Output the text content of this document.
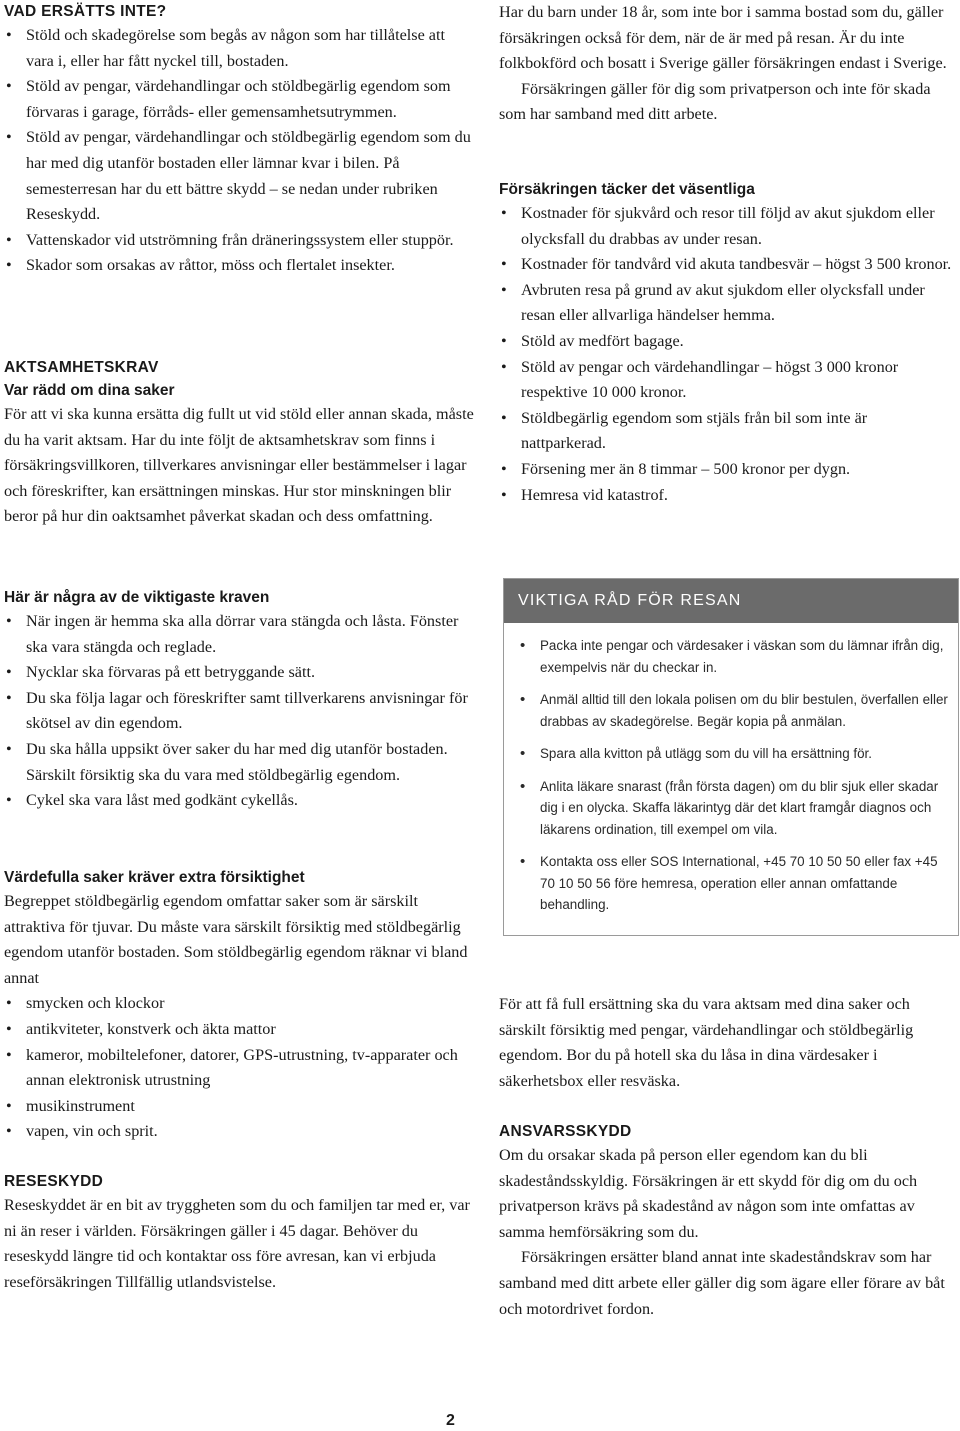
VAD ERSÄTTS INTE?
• Stöld och skadegörelse som begås av någon som har tillåtelse att vara i, eller har fått nyckel till, bostaden.
• Stöld av pengar, värdehandlingar och stöldbegärlig egendom som förvaras i garage, förråds- eller gemensamhetsutrymmen.
• Stöld av pengar, värdehandlingar och stöldbegärlig egendom som du har med dig utanför bostaden eller lämnar kvar i bilen. På semesterresan har du ett bättre skydd – se nedan under rubriken Reseskydd.
• Vattenskador vid utströmning från dräneringssystem eller stupрör.
• Skador som orsakas av råttor, möss och flertalet insekter.
AKTSAMHETSKRAV
Var rädd om dina saker

För att vi ska kunna ersätta dig fullt ut vid stöld eller annan skada, måste du ha varit aktsam. Har du inte följt de aktsamhetskrav som finns i försäkringsvillkoren, tillverkares anvisningar eller bestämmelser i lagar och föreskrifter, kan ersättningen minskas. Hur stor minskningen blir beror på hur din oaktsamhet påverkat skadan och dess omfattning.

Här är några av de viktigaste kraven
• När ingen är hemma ska alla dörrar vara stängda och låsta. Fönster ska vara stängda och reglade.
• Nycklar ska förvaras på ett betryggande sätt.
• Du ska följa lagar och föreskrifter samt tillverkarens anvisningar för skötsel av din egendom.
• Du ska hålla uppsikt över saker du har med dig utanför bostaden. Särskilt försiktig ska du vara med stöldbegärlig egendom.
• Cykel ska vara låst med godkänt cykellås.
Värdefulla saker kräver extra försiktighet

Begreppet stöldbegärlig egendom omfattar saker som är särskilt attraktiva för tjuvar. Du måste vara särskilt försiktig med stöldbegärlig egendom utanför bostaden. Som stöldbegärlig egendom räknar vi bland annat

• smycken och klockor
• antikviteter, konstverk och äkta mattor
• kameror, mobiltelefoner, datorer, GPS-utrustning, tv-apparater och annan elektronisk utrustning
• musikinstrument
• vapen, vin och sprit.
RESESKYDD

Reseskyddet är en bit av tryggheten som du och familjen tar med er, var ni än reser i världen. Försäkringen gäller i 45 dagar. Behöver du reseskydd längre tid och kontaktar oss före avresan, kan vi erbjuda reseförsäkringen Tillfällig utlandsvistelse.

Har du barn under 18 år, som inte bor i samma bostad som du, gäller försäkringen också för dem, när de är med på resan. Är du inte folkbokförd och bosatt i Sverige gäller försäkringen endast i Sverige.

Försäkringen gäller för dig som privatperson och inte för skada som har samband med ditt arbete.

Försäkringen täcker det väsentliga
• Kostnader för sjukvård och resor till följd av akut sjukdom eller olycksfall du drabbas av under resan.
• Kostnader för tandvård vid akuta tandbesvär – högst 3 500 kronor.
• Avbruten resa på grund av akut sjukdom eller olycksfall under resan eller allvarliga händelser hemma.
• Stöld av medfört bagage.
• Stöld av pengar och värdehandlingar – högst 3 000 kronor respektive 10 000 kronor.
• Stöldbegärlig egendom som stjäls från bil som inte är nattparkerad.
• Försening mer än 8 timmar – 500 kronor per dygn.
• Hemresa vid katastrof.
VIKTIGA RÅD FÖR RESAN
• Packa inte pengar och värdesaker i väskan som du lämnar ifrån dig, exempelvis när du checkar in.
• Anmäl alltid till den lokala polisen om du blir bestulen, överfallen eller drabbas av skadegörelse. Begär kopia på anmälan.
• Spara alla kvitton på utlägg som du vill ha ersättning för.
• Anlita läkare snarast (från första dagen) om du blir sjuk eller skadar dig i en olycka. Skaffa läkarintyg där det klart framgår diagnos och läkarens ordination, till exempel om vila.
• Kontakta oss eller SOS International, +45 70 10 50 50 eller fax +45 70 10 50 56 före hemresa, operation eller annan omfattande behandling.

För att få full ersättning ska du vara aktsam med dina saker och särskilt försiktig med pengar, värdehandlingar och stöldbegärlig egendom. Bor du på hotell ska du låsa in dina värdesaker i säkerhetsbox eller resväska.

ANSVARSSKYDD

Om du orsakar skada på person eller egendom kan du bli skadeståndsskyldig. Försäkringen är ett skydd för dig om du och privatperson krävs på skadestånd av någon som inte omfattas av samma hemförsäkring som du.

Försäkringen ersätter bland annat inte skadeståndskrav som har samband med ditt arbete eller gäller dig som ägare eller förare av båt och motordrivet fordon.

2
